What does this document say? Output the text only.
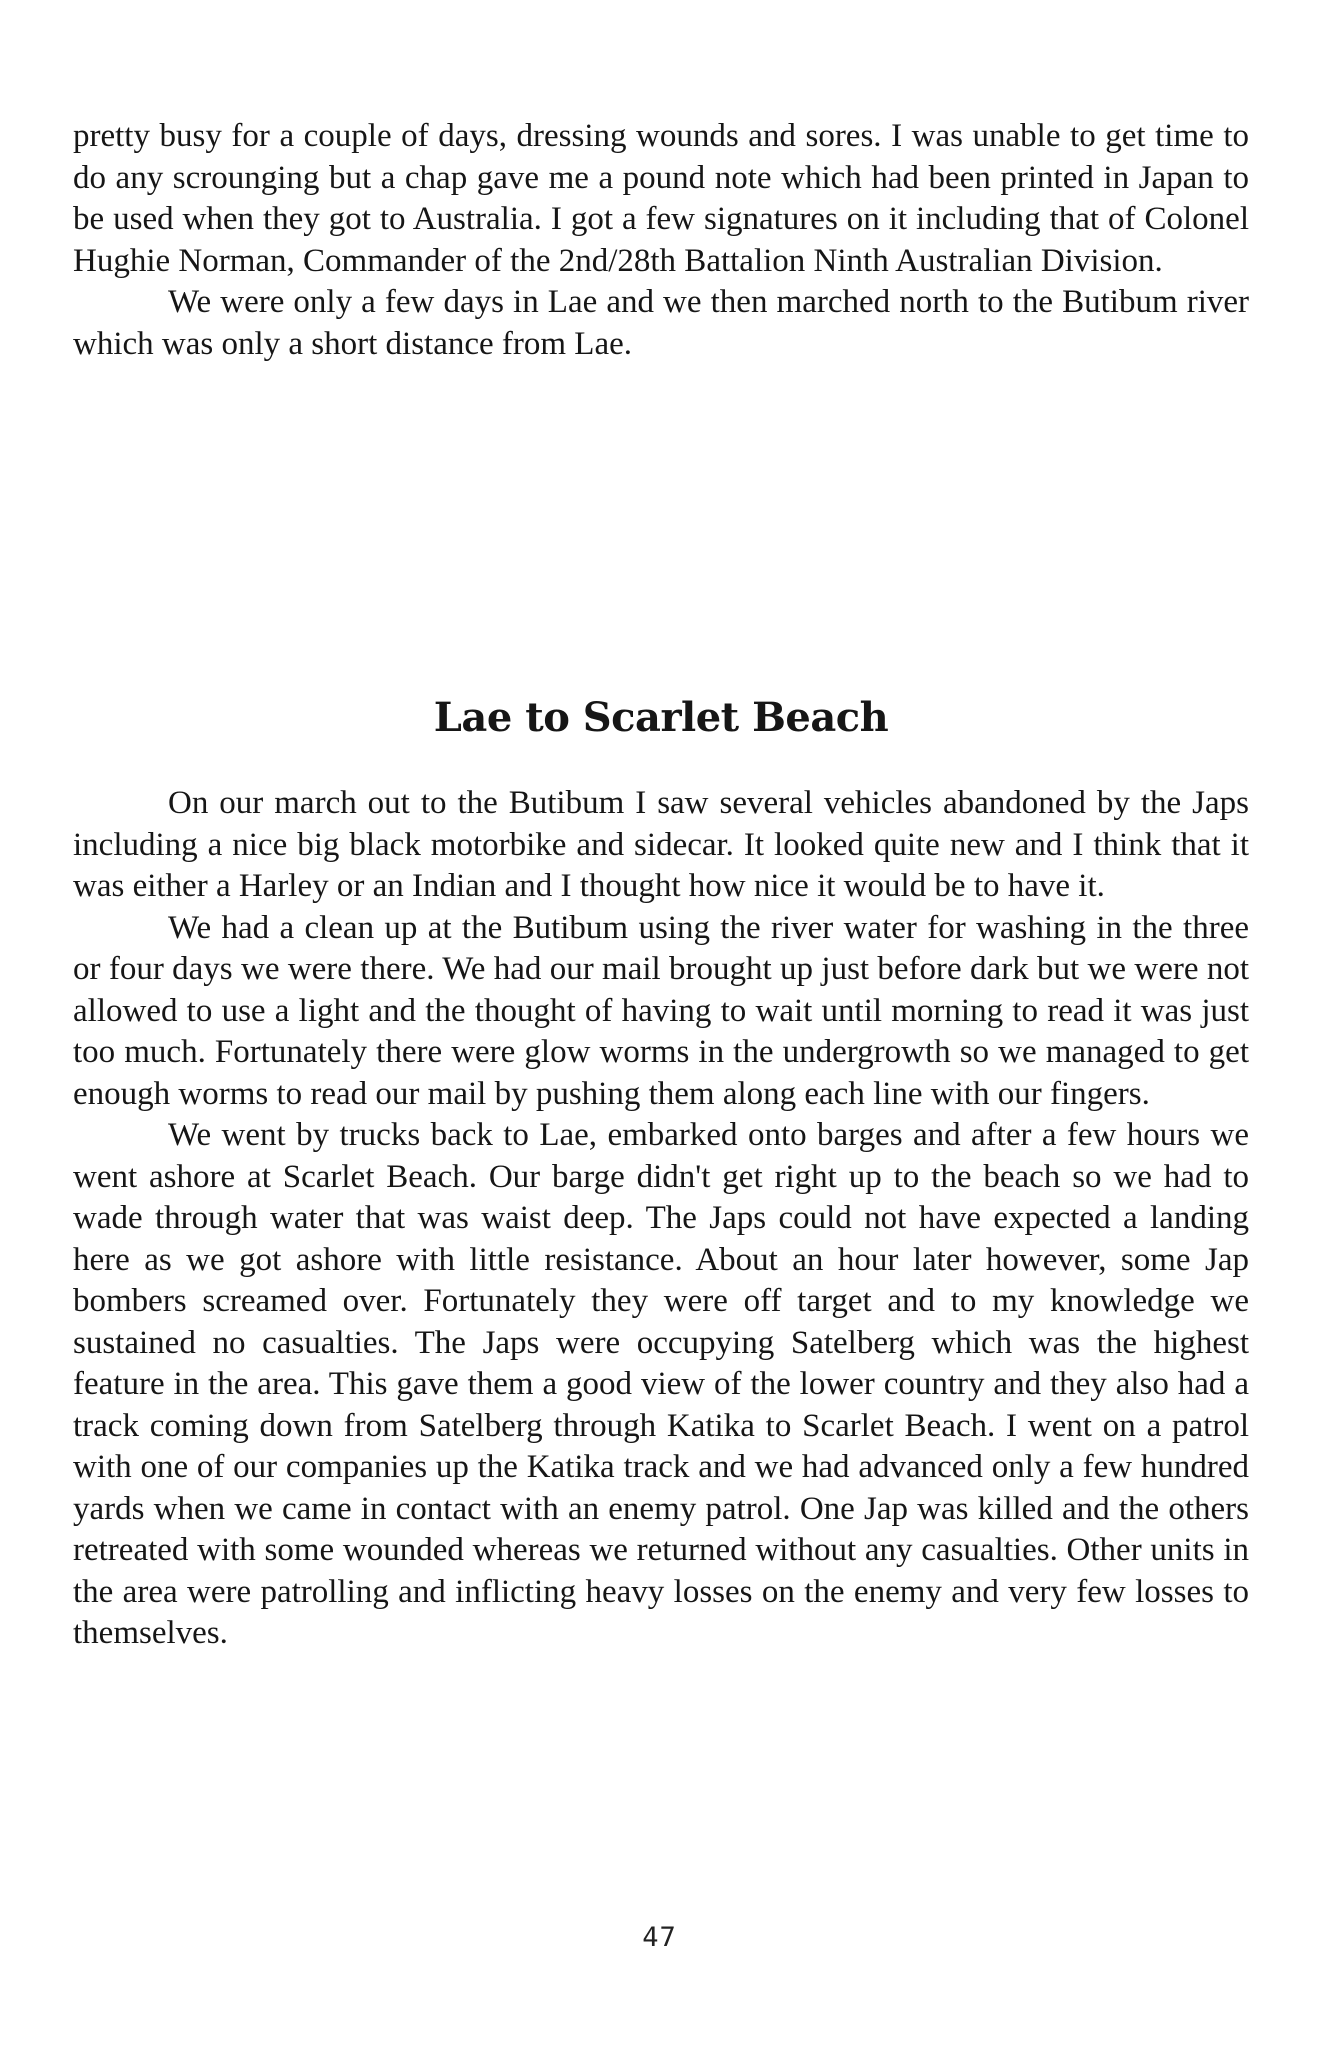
pretty busy for a couple of days, dressing wounds and sores. I was unable to get time to do any scrounging but a chap gave me a pound note which had been printed in Japan to be used when they got to Australia. I got a few signatures on it including that of Colonel Hughie Norman, Commander of the 2nd/28th Battalion Ninth Australian Division.

We were only a few days in Lae and we then marched north to the Butibum river which was only a short distance from Lae.

Lae to Scarlet Beach

On our march out to the Butibum I saw several vehicles abandoned by the Japs including a nice big black motorbike and sidecar. It looked quite new and I think that it was either a Harley or an Indian and I thought how nice it would be to have it.

We had a clean up at the Butibum using the river water for washing in the three or four days we were there. We had our mail brought up just before dark but we were not allowed to use a light and the thought of having to wait until morning to read it was just too much. Fortunately there were glow worms in the undergrowth so we managed to get enough worms to read our mail by pushing them along each line with our fingers.

We went by trucks back to Lae, embarked onto barges and after a few hours we went ashore at Scarlet Beach. Our barge didn't get right up to the beach so we had to wade through water that was waist deep. The Japs could not have expected a landing here as we got ashore with little resistance. About an hour later however, some Jap bombers screamed over. Fortunately they were off target and to my knowledge we sustained no casualties. The Japs were occupying Satelberg which was the highest feature in the area. This gave them a good view of the lower country and they also had a track coming down from Satelberg through Katika to Scarlet Beach. I went on a patrol with one of our companies up the Katika track and we had advanced only a few hundred yards when we came in contact with an enemy patrol. One Jap was killed and the others retreated with some wounded whereas we returned without any casualties. Other units in the area were patrolling and inflicting heavy losses on the enemy and very few losses to themselves.

47
